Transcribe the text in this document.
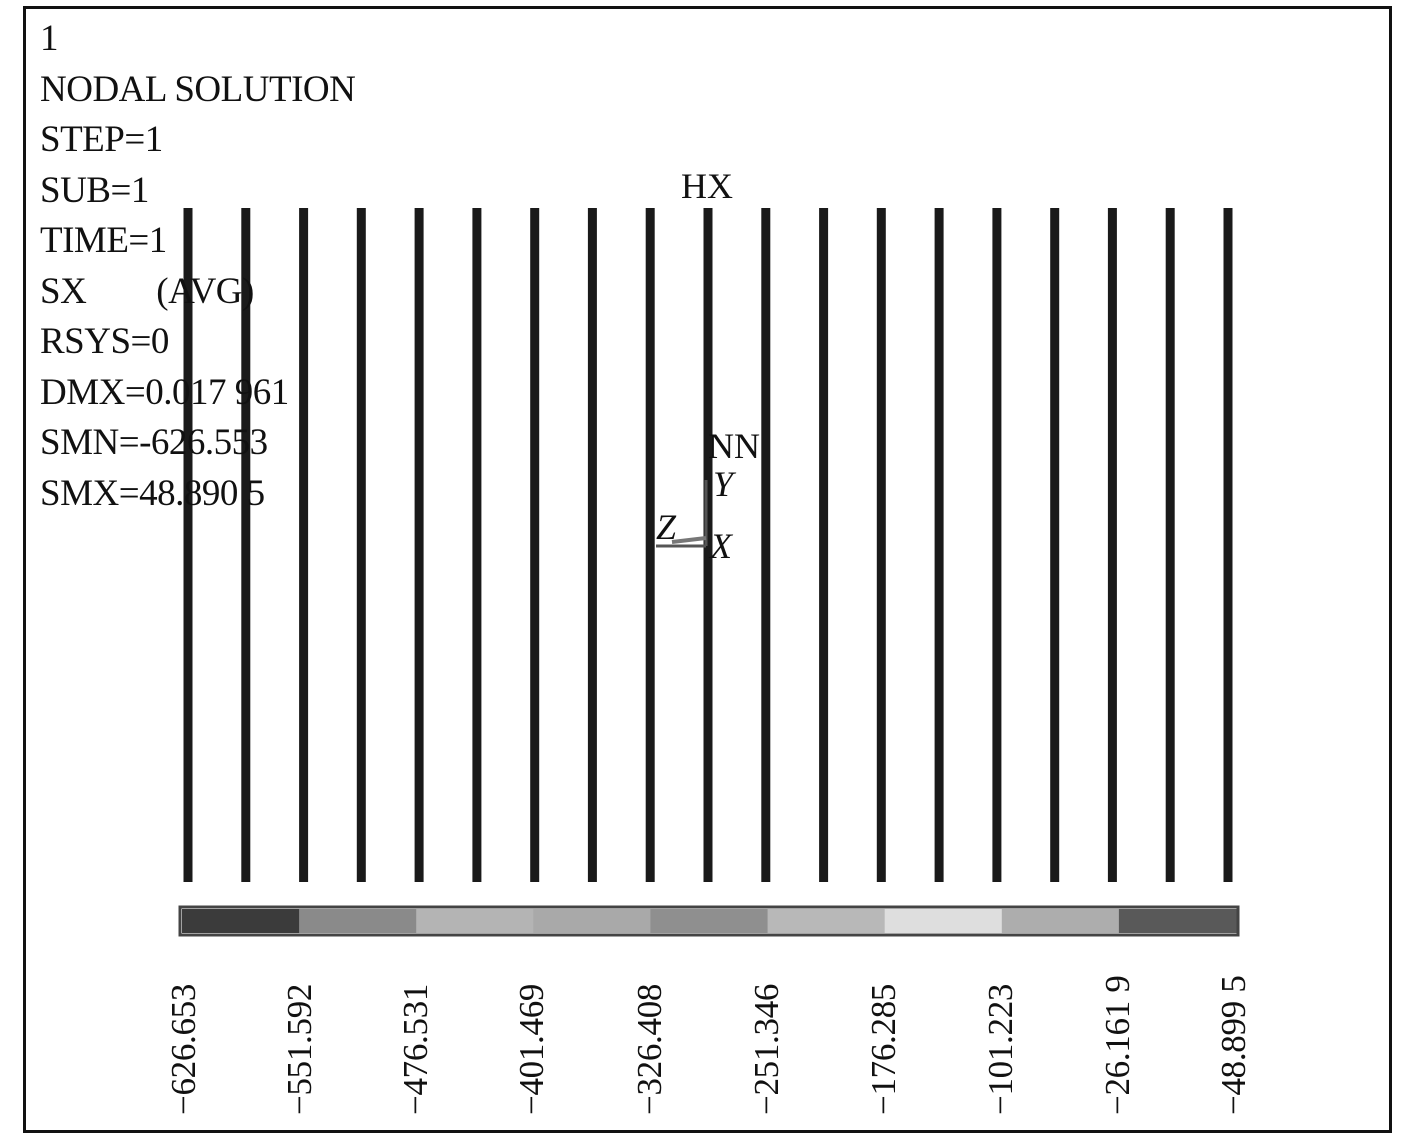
1
NODAL SOLUTION
STEP=1
SUB=1
TIME=1
SX        (AVG)
RSYS=0
DMX=0.017 961
SMN=-626.553
SMX=48.890 5
HX
NN
Y
X
Z
−626.653 −551.592 −476.531 −401.469 −326.408 −251.346 −176.285 −101.223 −26.161 9 −48.899 5
